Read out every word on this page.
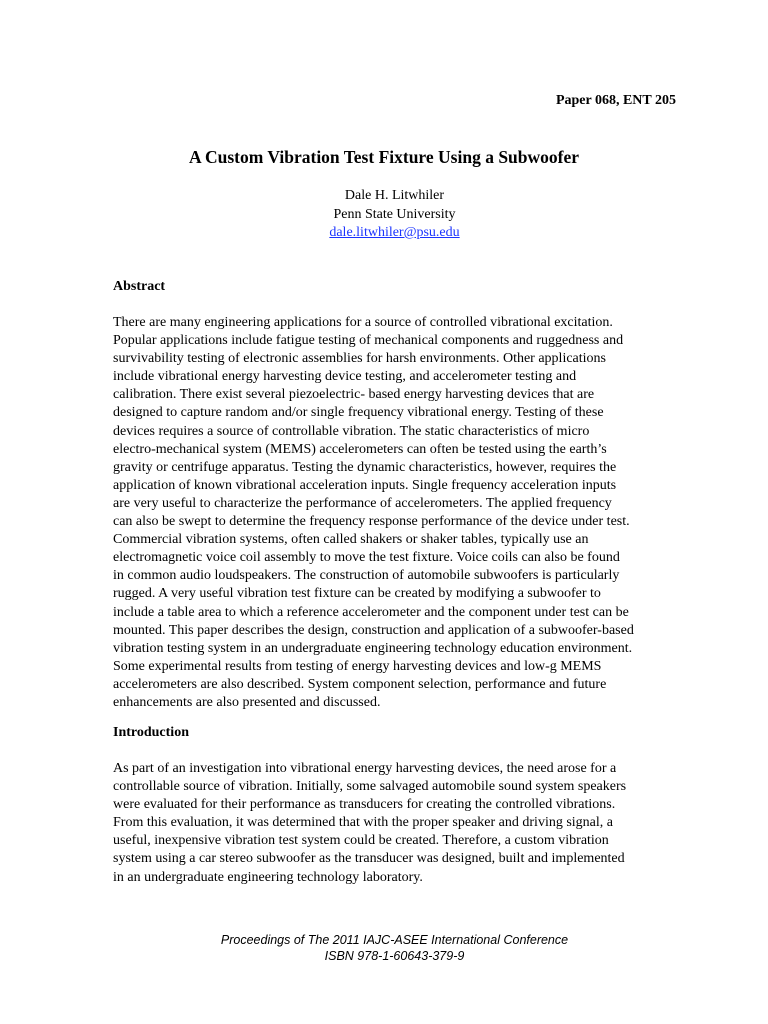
Paper 068, ENT 205
A Custom Vibration Test Fixture Using a Subwoofer
Dale H. Litwhiler
Penn State University
dale.litwhiler@psu.edu
Abstract

There are many engineering applications for a source of controlled vibrational excitation.
Popular applications include fatigue testing of mechanical components and ruggedness and
survivability testing of electronic assemblies for harsh environments. Other applications
include vibrational energy harvesting device testing, and accelerometer testing and
calibration. There exist several piezoelectric- based energy harvesting devices that are
designed to capture random and/or single frequency vibrational energy. Testing of these
devices requires a source of controllable vibration. The static characteristics of micro
electro-mechanical system (MEMS) accelerometers can often be tested using the earth’s
gravity or centrifuge apparatus. Testing the dynamic characteristics, however, requires the
application of known vibrational acceleration inputs. Single frequency acceleration inputs
are very useful to characterize the performance of accelerometers. The applied frequency
can also be swept to determine the frequency response performance of the device under test.
Commercial vibration systems, often called shakers or shaker tables, typically use an
electromagnetic voice coil assembly to move the test fixture. Voice coils can also be found
in common audio loudspeakers. The construction of automobile subwoofers is particularly
rugged. A very useful vibration test fixture can be created by modifying a subwoofer to
include a table area to which a reference accelerometer and the component under test can be
mounted. This paper describes the design, construction and application of a subwoofer-based
vibration testing system in an undergraduate engineering technology education environment.
Some experimental results from testing of energy harvesting devices and low-g MEMS
accelerometers are also described. System component selection, performance and future
enhancements are also presented and discussed.

Introduction

As part of an investigation into vibrational energy harvesting devices, the need arose for a
controllable source of vibration. Initially, some salvaged automobile sound system speakers
were evaluated for their performance as transducers for creating the controlled vibrations.
From this evaluation, it was determined that with the proper speaker and driving signal, a
useful, inexpensive vibration test system could be created. Therefore, a custom vibration
system using a car stereo subwoofer as the transducer was designed, built and implemented
in an undergraduate engineering technology laboratory.

Proceedings of The 2011 IAJC-ASEE International Conference
ISBN 978-1-60643-379-9
